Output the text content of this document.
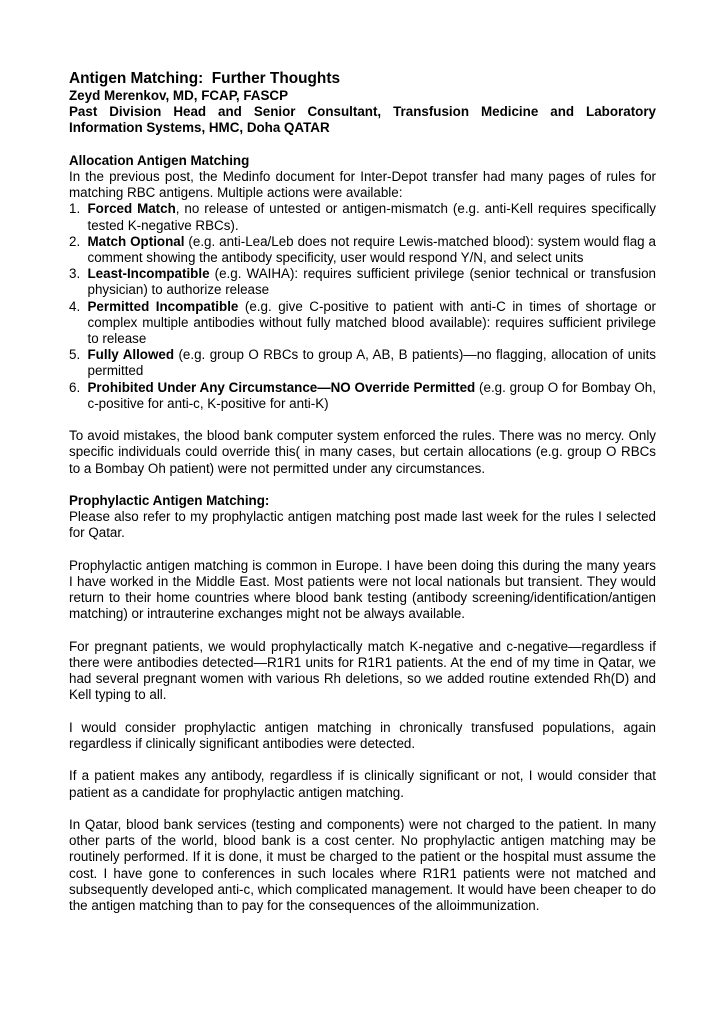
Antigen Matching:  Further Thoughts

Zeyd Merenkov, MD, FCAP, FASCP

Past Division Head and Senior Consultant, Transfusion Medicine and Laboratory Information Systems, HMC, Doha QATAR

Allocation Antigen Matching

In the previous post, the Medinfo document for Inter-Depot transfer had many pages of rules for matching RBC antigens. Multiple actions were available:

1. Forced Match, no release of untested or antigen-mismatch (e.g. anti-Kell requires specifically tested K-negative RBCs).
2. Match Optional (e.g. anti-Lea/Leb does not require Lewis-matched blood): system would flag a comment showing the antibody specificity, user would respond Y/N, and select units
3. Least-Incompatible (e.g. WAIHA): requires sufficient privilege (senior technical or transfusion physician) to authorize release
4. Permitted Incompatible (e.g. give C-positive to patient with anti-C in times of shortage or complex multiple antibodies without fully matched blood available): requires sufficient privilege to release
5. Fully Allowed (e.g. group O RBCs to group A, AB, B patients)—no flagging, allocation of units permitted
6. Prohibited Under Any Circumstance—NO Override Permitted (e.g. group O for Bombay Oh, c-positive for anti-c, K-positive for anti-K)

To avoid mistakes, the blood bank computer system enforced the rules. There was no mercy. Only specific individuals could override this( in many cases, but certain allocations (e.g. group O RBCs to a Bombay Oh patient) were not permitted under any circumstances.

Prophylactic Antigen Matching:

Please also refer to my prophylactic antigen matching post made last week for the rules I selected for Qatar.

Prophylactic antigen matching is common in Europe. I have been doing this during the many years I have worked in the Middle East. Most patients were not local nationals but transient. They would return to their home countries where blood bank testing (antibody screening/identification/antigen matching) or intrauterine exchanges might not be always available.

For pregnant patients, we would prophylactically match K-negative and c-negative—regardless if there were antibodies detected—R1R1 units for R1R1 patients. At the end of my time in Qatar, we had several pregnant women with various Rh deletions, so we added routine extended Rh(D) and Kell typing to all.

I would consider prophylactic antigen matching in chronically transfused populations, again regardless if clinically significant antibodies were detected.

If a patient makes any antibody, regardless if is clinically significant or not, I would consider that patient as a candidate for prophylactic antigen matching.

In Qatar, blood bank services (testing and components) were not charged to the patient. In many other parts of the world, blood bank is a cost center. No prophylactic antigen matching may be routinely performed. If it is done, it must be charged to the patient or the hospital must assume the cost. I have gone to conferences in such locales where R1R1 patients were not matched and subsequently developed anti-c, which complicated management. It would have been cheaper to do the antigen matching than to pay for the consequences of the alloimmunization.
